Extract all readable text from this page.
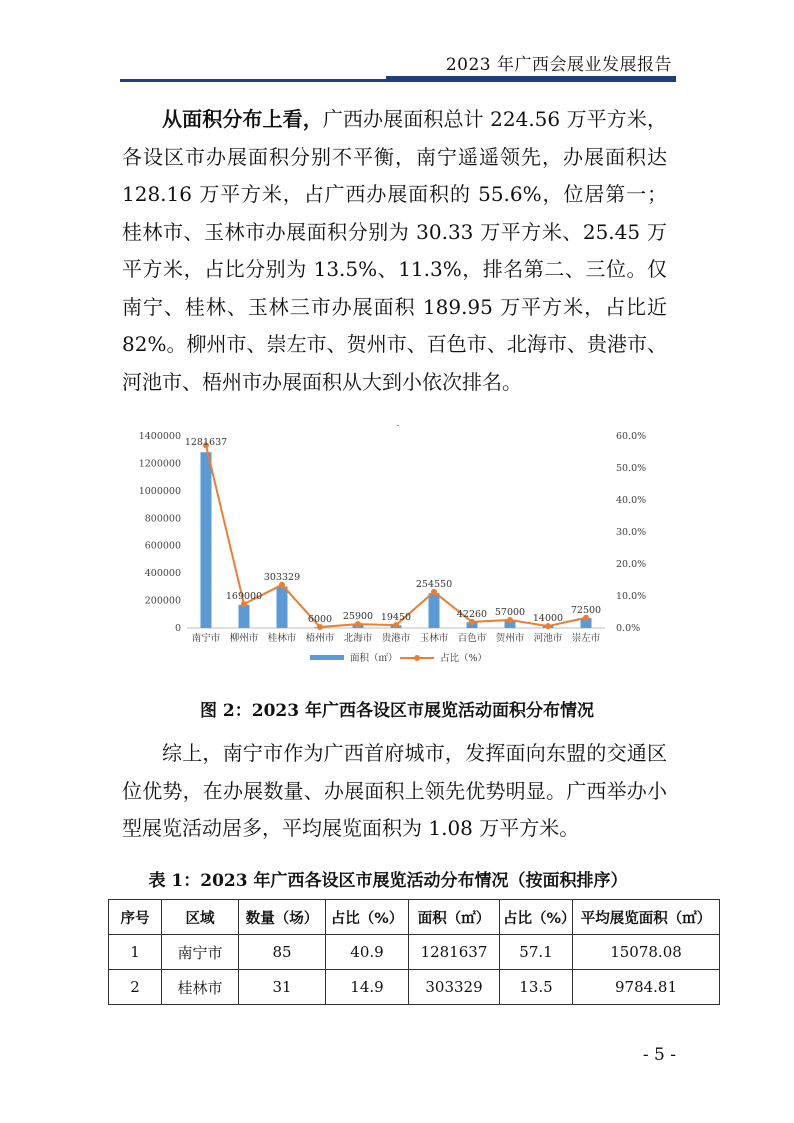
2023 年广西会展业发展报告

从面积分布上看，广西办展面积总计 224.56 万平方米，各设区市办展面积分别不平衡，南宁遥遥领先，办展面积达 128.16 万平方米，占广西办展面积的 55.6%，位居第一；桂林市、玉林市办展面积分别为 30.33 万平方米、25.45 万平方米，占比分别为 13.5%、11.3%，排名第二、三位。仅南宁、桂林、玉林三市办展面积 189.95 万平方米，占比近 82%。柳州市、崇左市、贺州市、百色市、北海市、贵港市、河池市、梧州市办展面积从大到小依次排名。

-
0
200000
400000
600000
800000
1000000
1200000
1400000
0.0%
10.0%
20.0%
30.0%
40.0%
50.0%
60.0%
1281637
169000
303329
6000 25900 19450
254550
42260 57000
14000
72500
南宁市 柳州市 桂林市 梧州市 北海市 贵港市 玉林市 百色市 贺州市 河池市 崇左市
面积（㎡）	占比（%）
图 2：2023 年广西各设区市展览活动面积分布情况

综上，南宁市作为广西首府城市，发挥面向东盟的交通区位优势，在办展数量、办展面积上领先优势明显。广西举办小型展览活动居多，平均展览面积为 1.08 万平方米。

表 1：2023 年广西各设区市展览活动分布情况（按面积排序）
序号	区域	数量（场）	占比（%）	面积（㎡）	占比（%）	平均展览面积（㎡）
1	南宁市	85	40.9	1281637	57.1	15078.08
2	桂林市	31	14.9	303329	13.5	9784.81
- 5 -
